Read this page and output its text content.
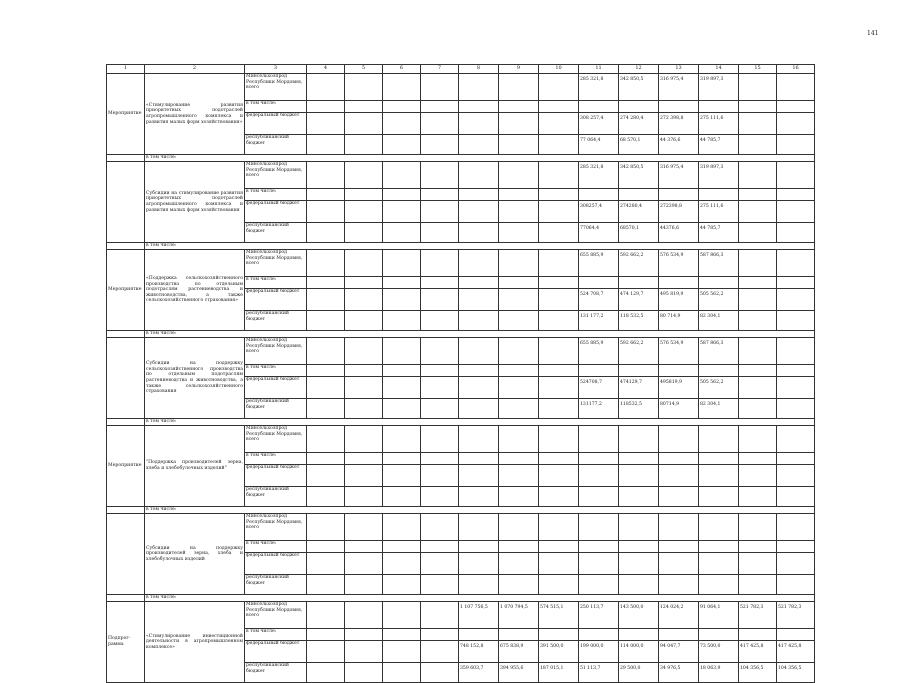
141
1	2	3	4	5	6	7	8	9	10	11	12	13	14	15	16
Мероприятие	«Стимулирование развития приоритетных подотраслей агропромышленного комплекса и развития малых форм хозяйствования»	Минсельхозпрод Республики Мордовия, всего								285 321,8	342 850,5	316 975,4	319 897,3		
		в том числе:													
		федеральный бюджет								308 257,4	274 280,4	272 398,8	275 111,6		
		республиканский бюджет								77 064,4	68 570,1	44 376,6	44 785,7		
	в том числе:														
	Субсидии на стимулирование развития приоритетных подотраслей агропромышленного комплекса и развития малых форм хозяйствования	Минсельхозпрод Республики Мордовия, всего								285 321,8	342 850,5	316 975,4	319 897,3		
		в том числе:													
		федеральный бюджет								308257,4	274280,4	272398,8	275 111,6		
		республиканский бюджет								77064,4	68570,1	44376,6	44 785,7		
	в том числе:														
Мероприятие	«Поддержка сельскохозяйственного производства по отдельным подотраслям растениеводства и животноводства, а также сельскохозяйственного страхования»	Минсельхозпрод Республики Мордовия, всего								655 885,9	592 662,2	576 534,9	587 866,3		
		в том числе:													
		федеральный бюджет								524 708,7	474 129,7	495 819,9	505 562,2		
		республиканский бюджет								131 177,2	118 532,5	80 714,9	82 304,1		
	в том числе:														
	Субсидии на поддержку сельскохозяйственного производства по отдельным подотраслям растениеводства и животноводства, а также сельскохозяйственного страхования	Минсельхозпрод Республики Мордовия, всего								655 885,9	592 662,2	576 534,9	587 866,3		
		в том числе:													
		федеральный бюджет								524708,7	474129,7	495819,9	505 562,2		
		республиканский бюджет								131177,2	118532,5	80714,9	82 304,1		
	в том числе:														
Мероприятие	"Поддержка производителей зерна, хлеба и хлебобулочных изделий"	Минсельхозпрод Республики Мордовия, всего													
		в том числе:													
		федеральный бюджет													
		республиканский бюджет													
	в том числе:														
	Субсидии на поддержку производителей зерна, хлеба и хлебобулочных изделий	Минсельхозпрод Республики Мордовия, всего													
		в том числе:													
		федеральный бюджет													
		республиканский бюджет													
	в том числе:														
Подпрог-рамма	«Стимулирование инвестиционной деятельности в агропромышленном комплексе»	Минсельхозпрод Республики Мордовия, всего					1 107 756,5	1 070 794,5	574 515,1	250 113,7	143 500,0	124 024,2	91 064,1	521 782,3	521 782,3
		в том числе:													
		федеральный бюджет					748 152,8	675 838,9	391 500,0	199 000,0	114 000,0	94 047,7	73 500,0	417 425,8	417 425,8
		республиканский бюджет					359 603,7	394 955,6	187 015,1	51 113,7	29 500,0	34 976,5	18 063,9	104 356,5	104 356,5
